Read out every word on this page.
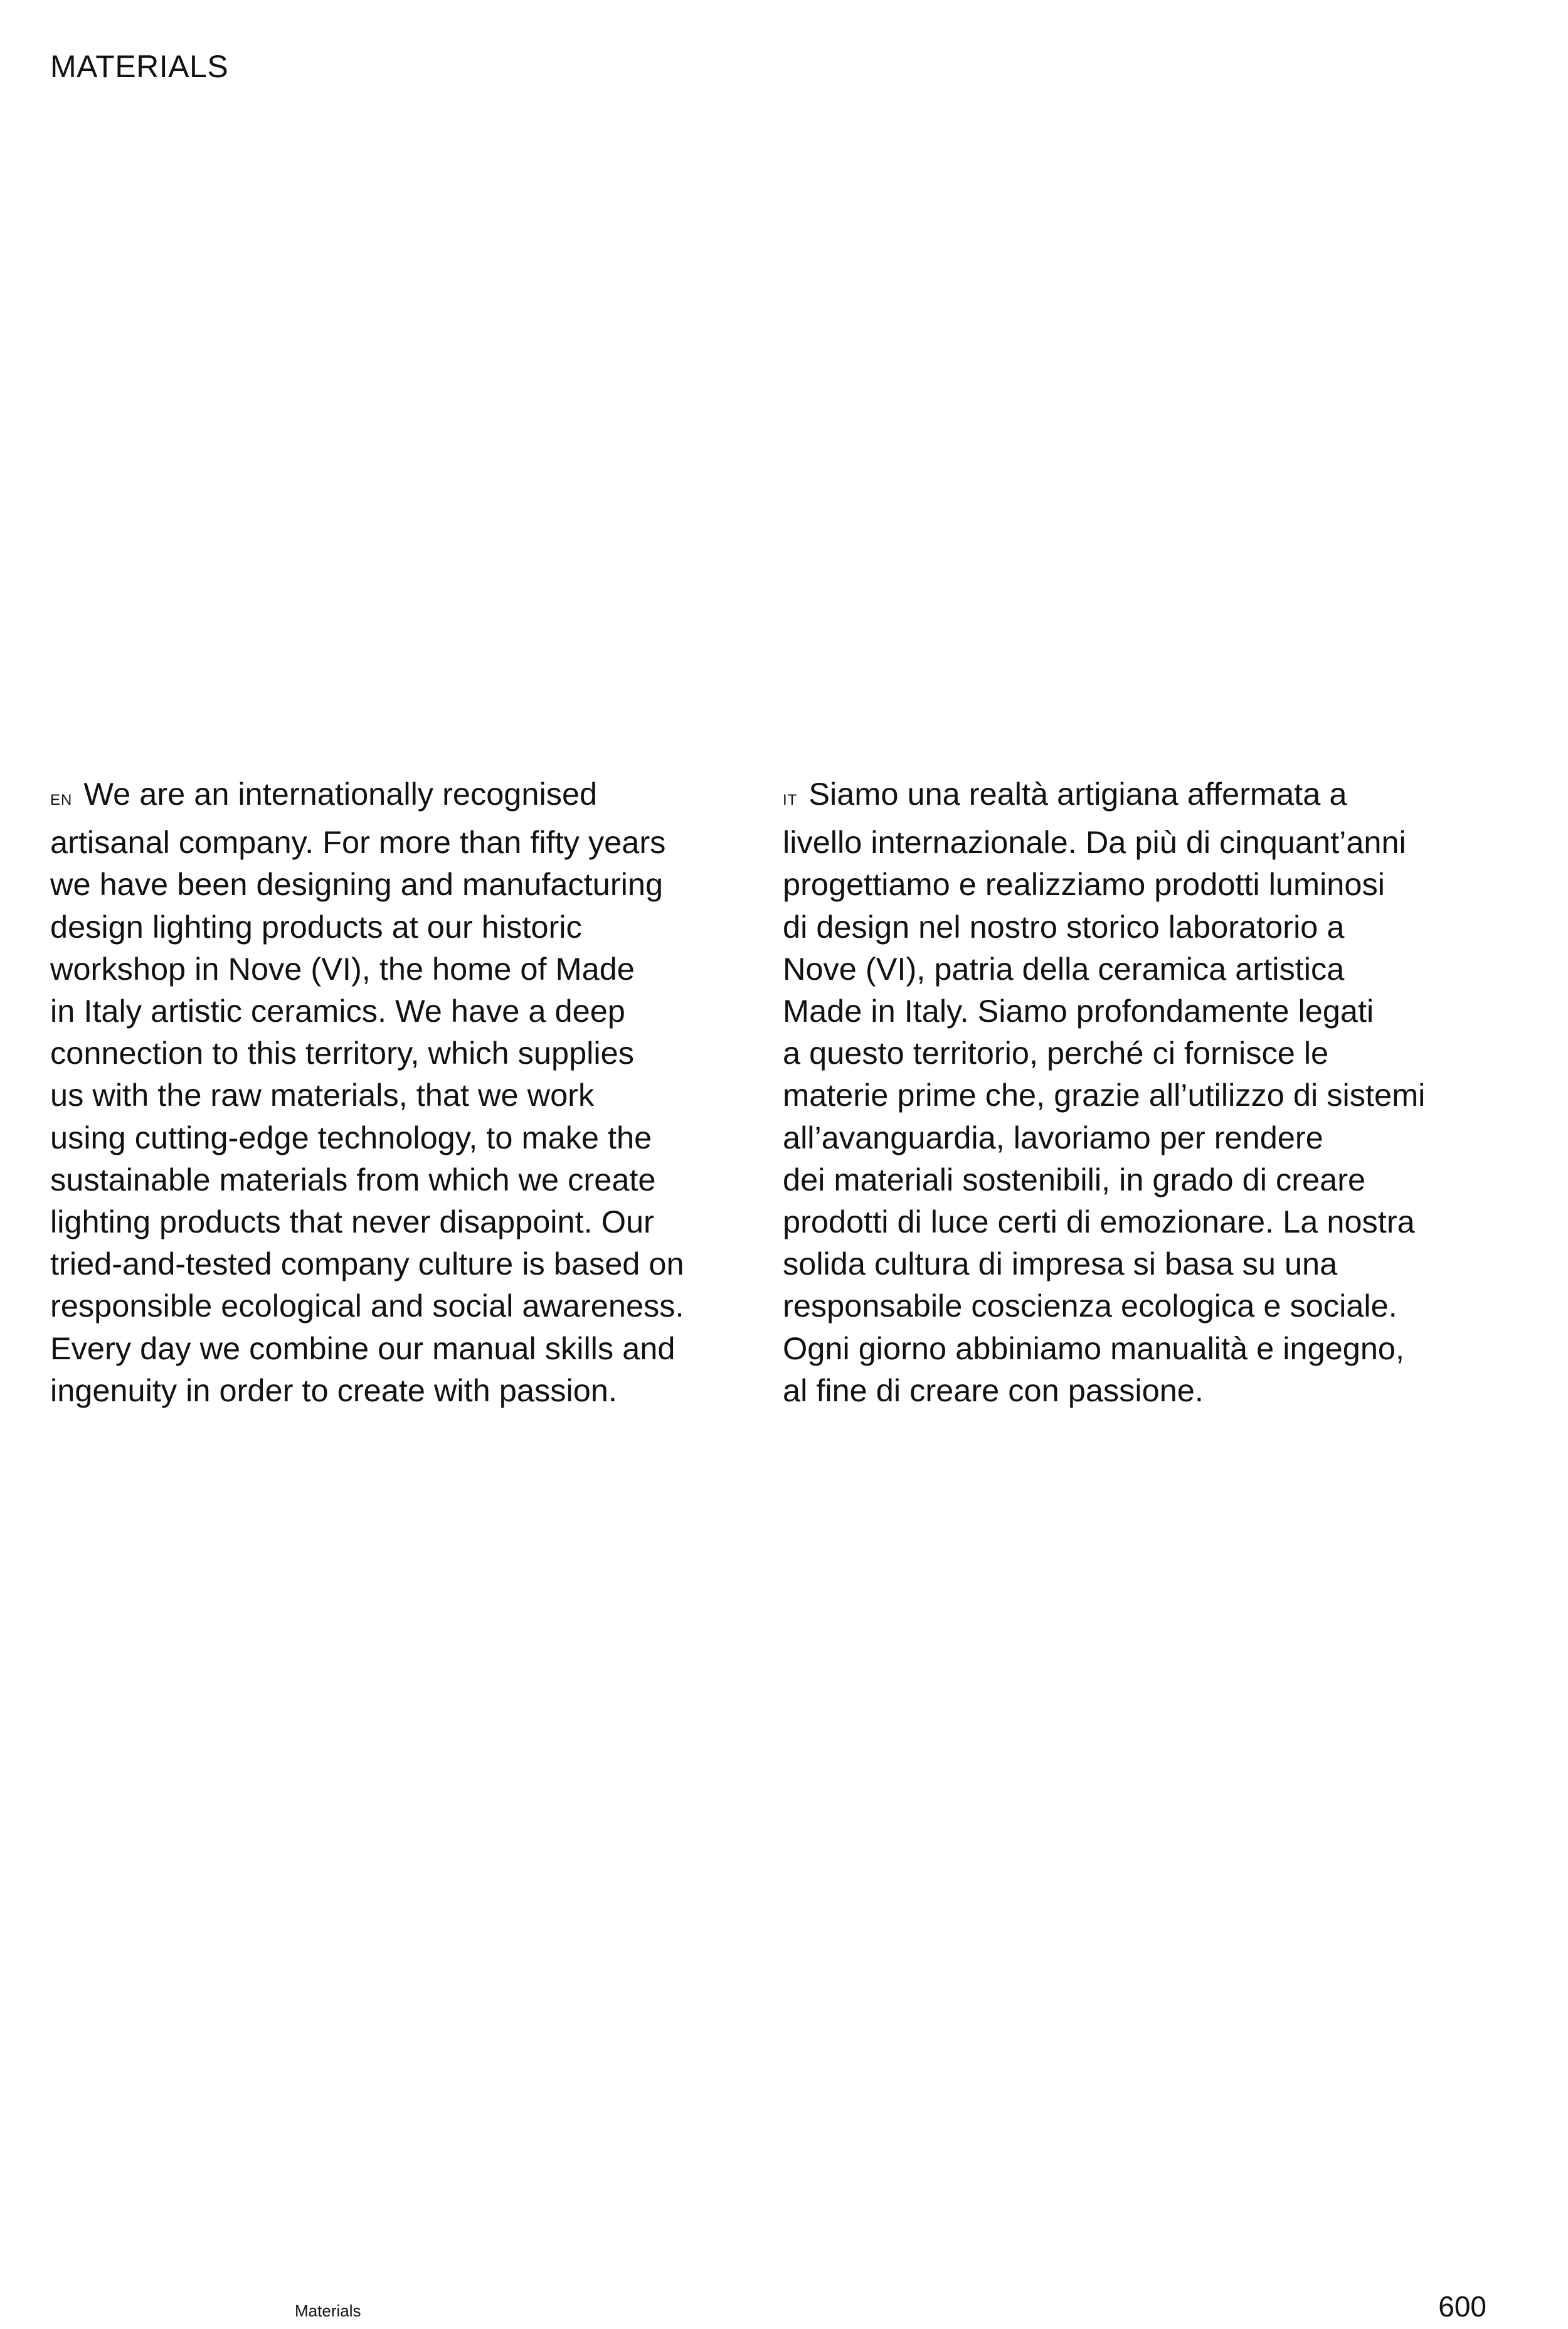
MATERIALS

EN We are an internationally recognised
artisanal company. For more than fifty years
we have been designing and manufacturing
design lighting products at our historic
workshop in Nove (VI), the home of Made
in Italy artistic ceramics. We have a deep
connection to this territory, which supplies
us with the raw materials, that we work
using cutting-edge technology, to make the
sustainable materials from which we create
lighting products that never disappoint. Our
tried-and-tested company culture is based on
responsible ecological and social awareness.
Every day we combine our manual skills and
ingenuity in order to create with passion.

IT Siamo una realtà artigiana affermata a
livello internazionale. Da più di cinquant’anni
progettiamo e realizziamo prodotti luminosi
di design nel nostro storico laboratorio a
Nove (VI), patria della ceramica artistica
Made in Italy. Siamo profondamente legati
a questo territorio, perché ci fornisce le
materie prime che, grazie all’utilizzo di sistemi
all’avanguardia, lavoriamo per rendere
dei materiali sostenibili, in grado di creare
prodotti di luce certi di emozionare. La nostra
solida cultura di impresa si basa su una
responsabile coscienza ecologica e sociale.
Ogni giorno abbiniamo manualità e ingegno,
al fine di creare con passione.

Materials	600
